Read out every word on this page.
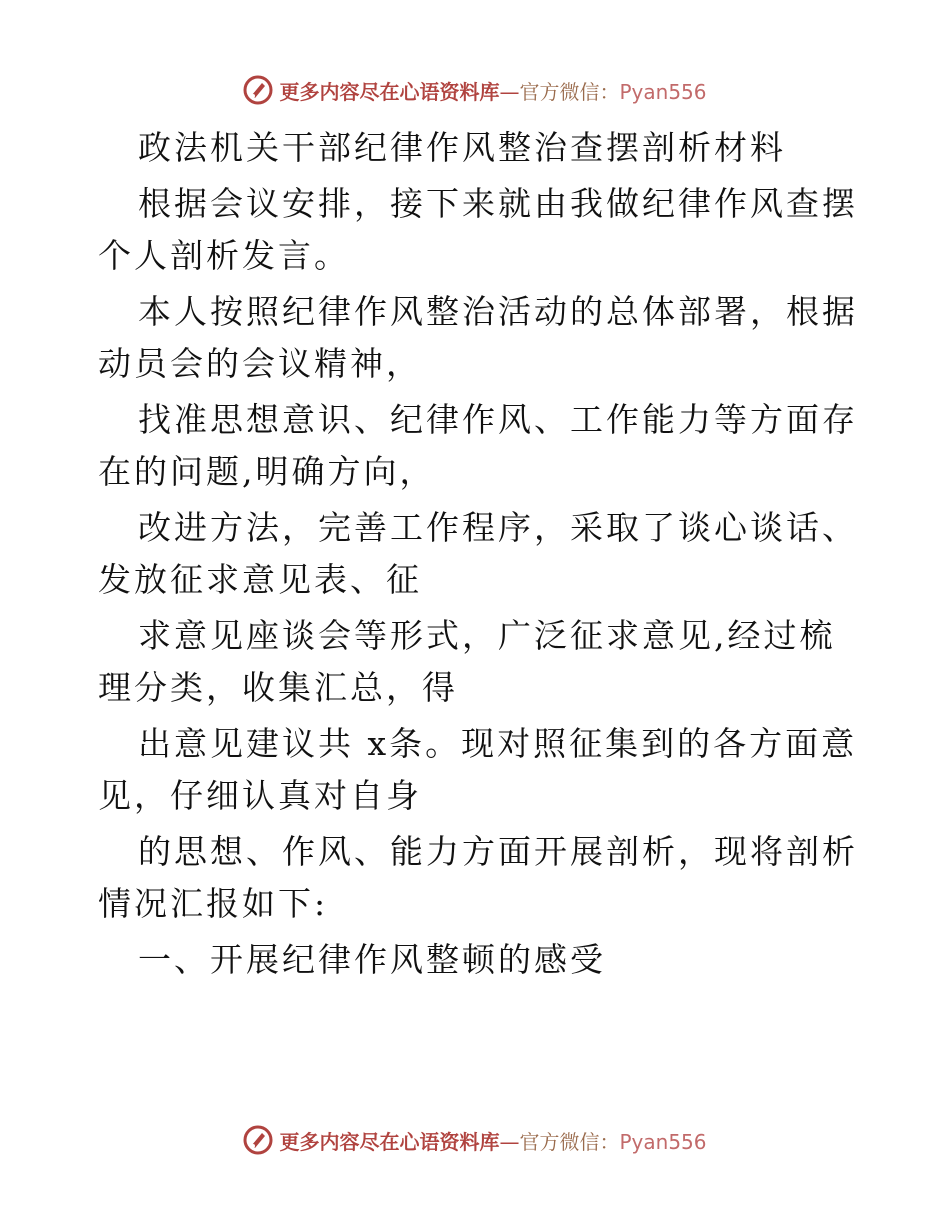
更多内容尽在心语资料库—官方微信：Pyan556

政法机关干部纪律作风整治查摆剖析材料

根据会议安排，接下来就由我做纪律作风查摆个人剖析发言。

本人按照纪律作风整治活动的总体部署，根据动员会的会议精神，

找准思想意识、纪律作风、工作能力等方面存在的问题,明确方向，

改进方法，完善工作程序，采取了谈心谈话、发放征求意见表、征

求意见座谈会等形式，广泛征求意见,经过梳理分类，收集汇总，得

出意见建议共 x条。现对照征集到的各方面意见，仔细认真对自身

的思想、作风、能力方面开展剖析，现将剖析情况汇报如下:

一、开展纪律作风整顿的感受

更多内容尽在心语资料库—官方微信：Pyan556
